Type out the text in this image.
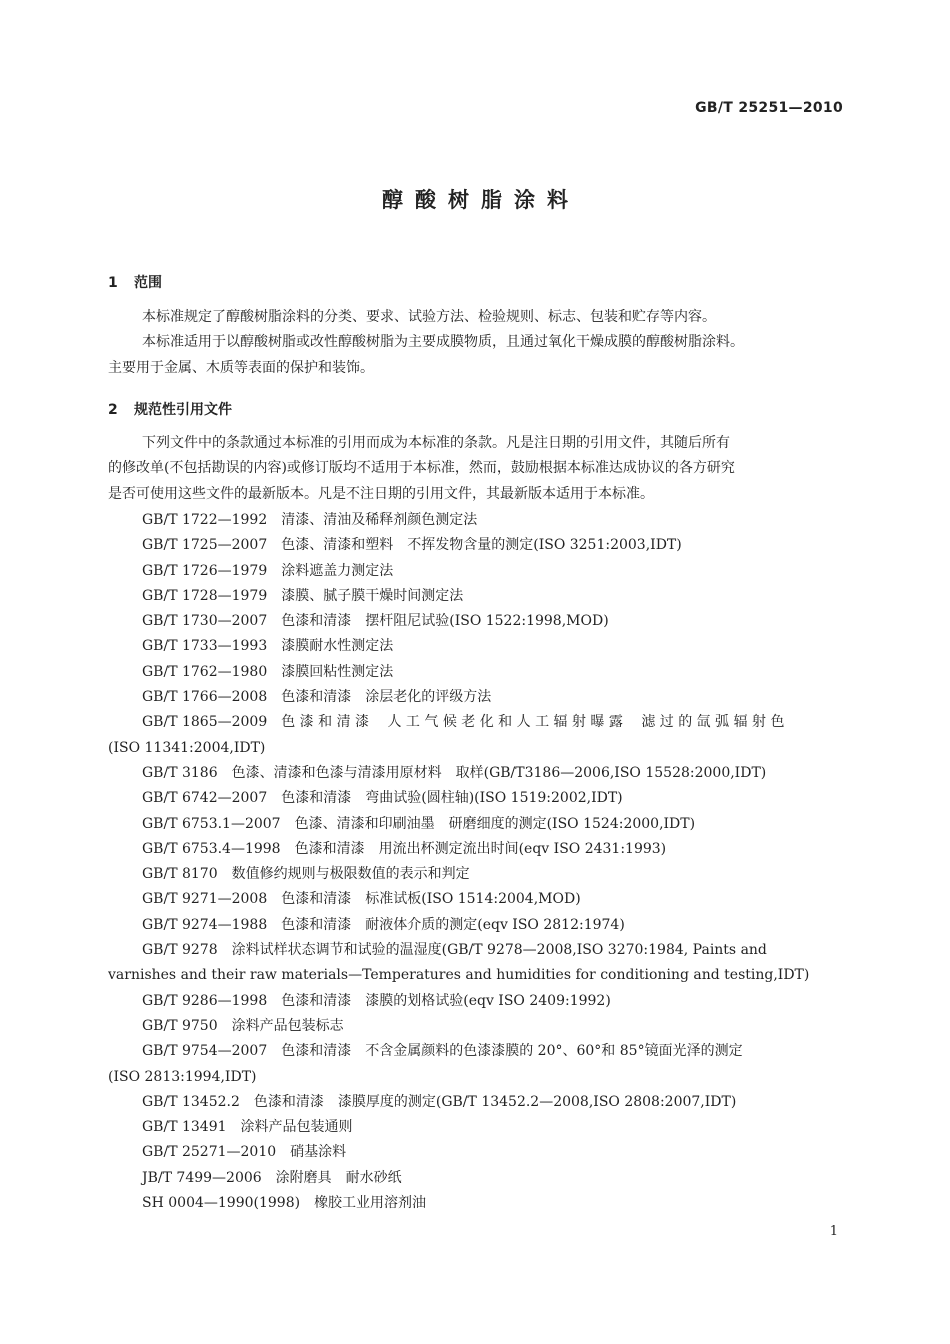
GB/T 25251—2010
醇酸树脂涂料
1 范围
本标准规定了醇酸树脂涂料的分类、要求、试验方法、检验规则、标志、包装和贮存等内容。
本标准适用于以醇酸树脂或改性醇酸树脂为主要成膜物质，且通过氧化干燥成膜的醇酸树脂涂料。
主要用于金属、木质等表面的保护和装饰。
2 规范性引用文件
下列文件中的条款通过本标准的引用而成为本标准的条款。凡是注日期的引用文件，其随后所有
的修改单(不包括勘误的内容)或修订版均不适用于本标准，然而，鼓励根据本标准达成协议的各方研究
是否可使用这些文件的最新版本。凡是不注日期的引用文件，其最新版本适用于本标准。
GB/T 1722—1992 清漆、清油及稀释剂颜色测定法
GB/T 1725—2007 色漆、清漆和塑料　不挥发物含量的测定(ISO 3251:2003,IDT)
GB/T 1726—1979 涂料遮盖力测定法
GB/T 1728—1979 漆膜、腻子膜干燥时间测定法
GB/T 1730—2007 色漆和清漆　摆杆阻尼试验(ISO 1522:1998,MOD)
GB/T 1733—1993 漆膜耐水性测定法
GB/T 1762—1980 漆膜回粘性测定法
GB/T 1766—2008 色漆和清漆　涂层老化的评级方法
GB/T 1865—2009 色 漆 和 清 漆　 人 工 气 候 老 化 和 人 工 辐 射 曝 露　 滤 过 的 氙 弧 辐 射 色
(ISO 11341:2004,IDT)
GB/T 3186 色漆、清漆和色漆与清漆用原材料　取样(GB/T3186—2006,ISO 15528:2000,IDT)
GB/T 6742—2007 色漆和清漆　弯曲试验(圆柱轴)(ISO 1519:2002,IDT)
GB/T 6753.1—2007 色漆、清漆和印刷油墨　研磨细度的测定(ISO 1524:2000,IDT)
GB/T 6753.4—1998 色漆和清漆　用流出杯测定流出时间(eqv ISO 2431:1993)
GB/T 8170 数值修约规则与极限数值的表示和判定
GB/T 9271—2008 色漆和清漆　标准试板(ISO 1514:2004,MOD)
GB/T 9274—1988 色漆和清漆　耐液体介质的测定(eqv ISO 2812:1974)
GB/T 9278 涂料试样状态调节和试验的温湿度(GB/T 9278—2008,ISO 3270:1984, Paints and
varnishes and their raw materials—Temperatures and humidities for conditioning and testing,IDT)
GB/T 9286—1998 色漆和清漆　漆膜的划格试验(eqv ISO 2409:1992)
GB/T 9750 涂料产品包装标志
GB/T 9754—2007 色漆和清漆　不含金属颜料的色漆漆膜的 20°、60°和 85°镜面光泽的测定
(ISO 2813:1994,IDT)
GB/T 13452.2 色漆和清漆　漆膜厚度的测定(GB/T 13452.2—2008,ISO 2808:2007,IDT)
GB/T 13491 涂料产品包装通则
GB/T 25271—2010 硝基涂料
JB/T 7499—2006 涂附磨具　耐水砂纸
SH 0004—1990(1998) 橡胶工业用溶剂油
1
